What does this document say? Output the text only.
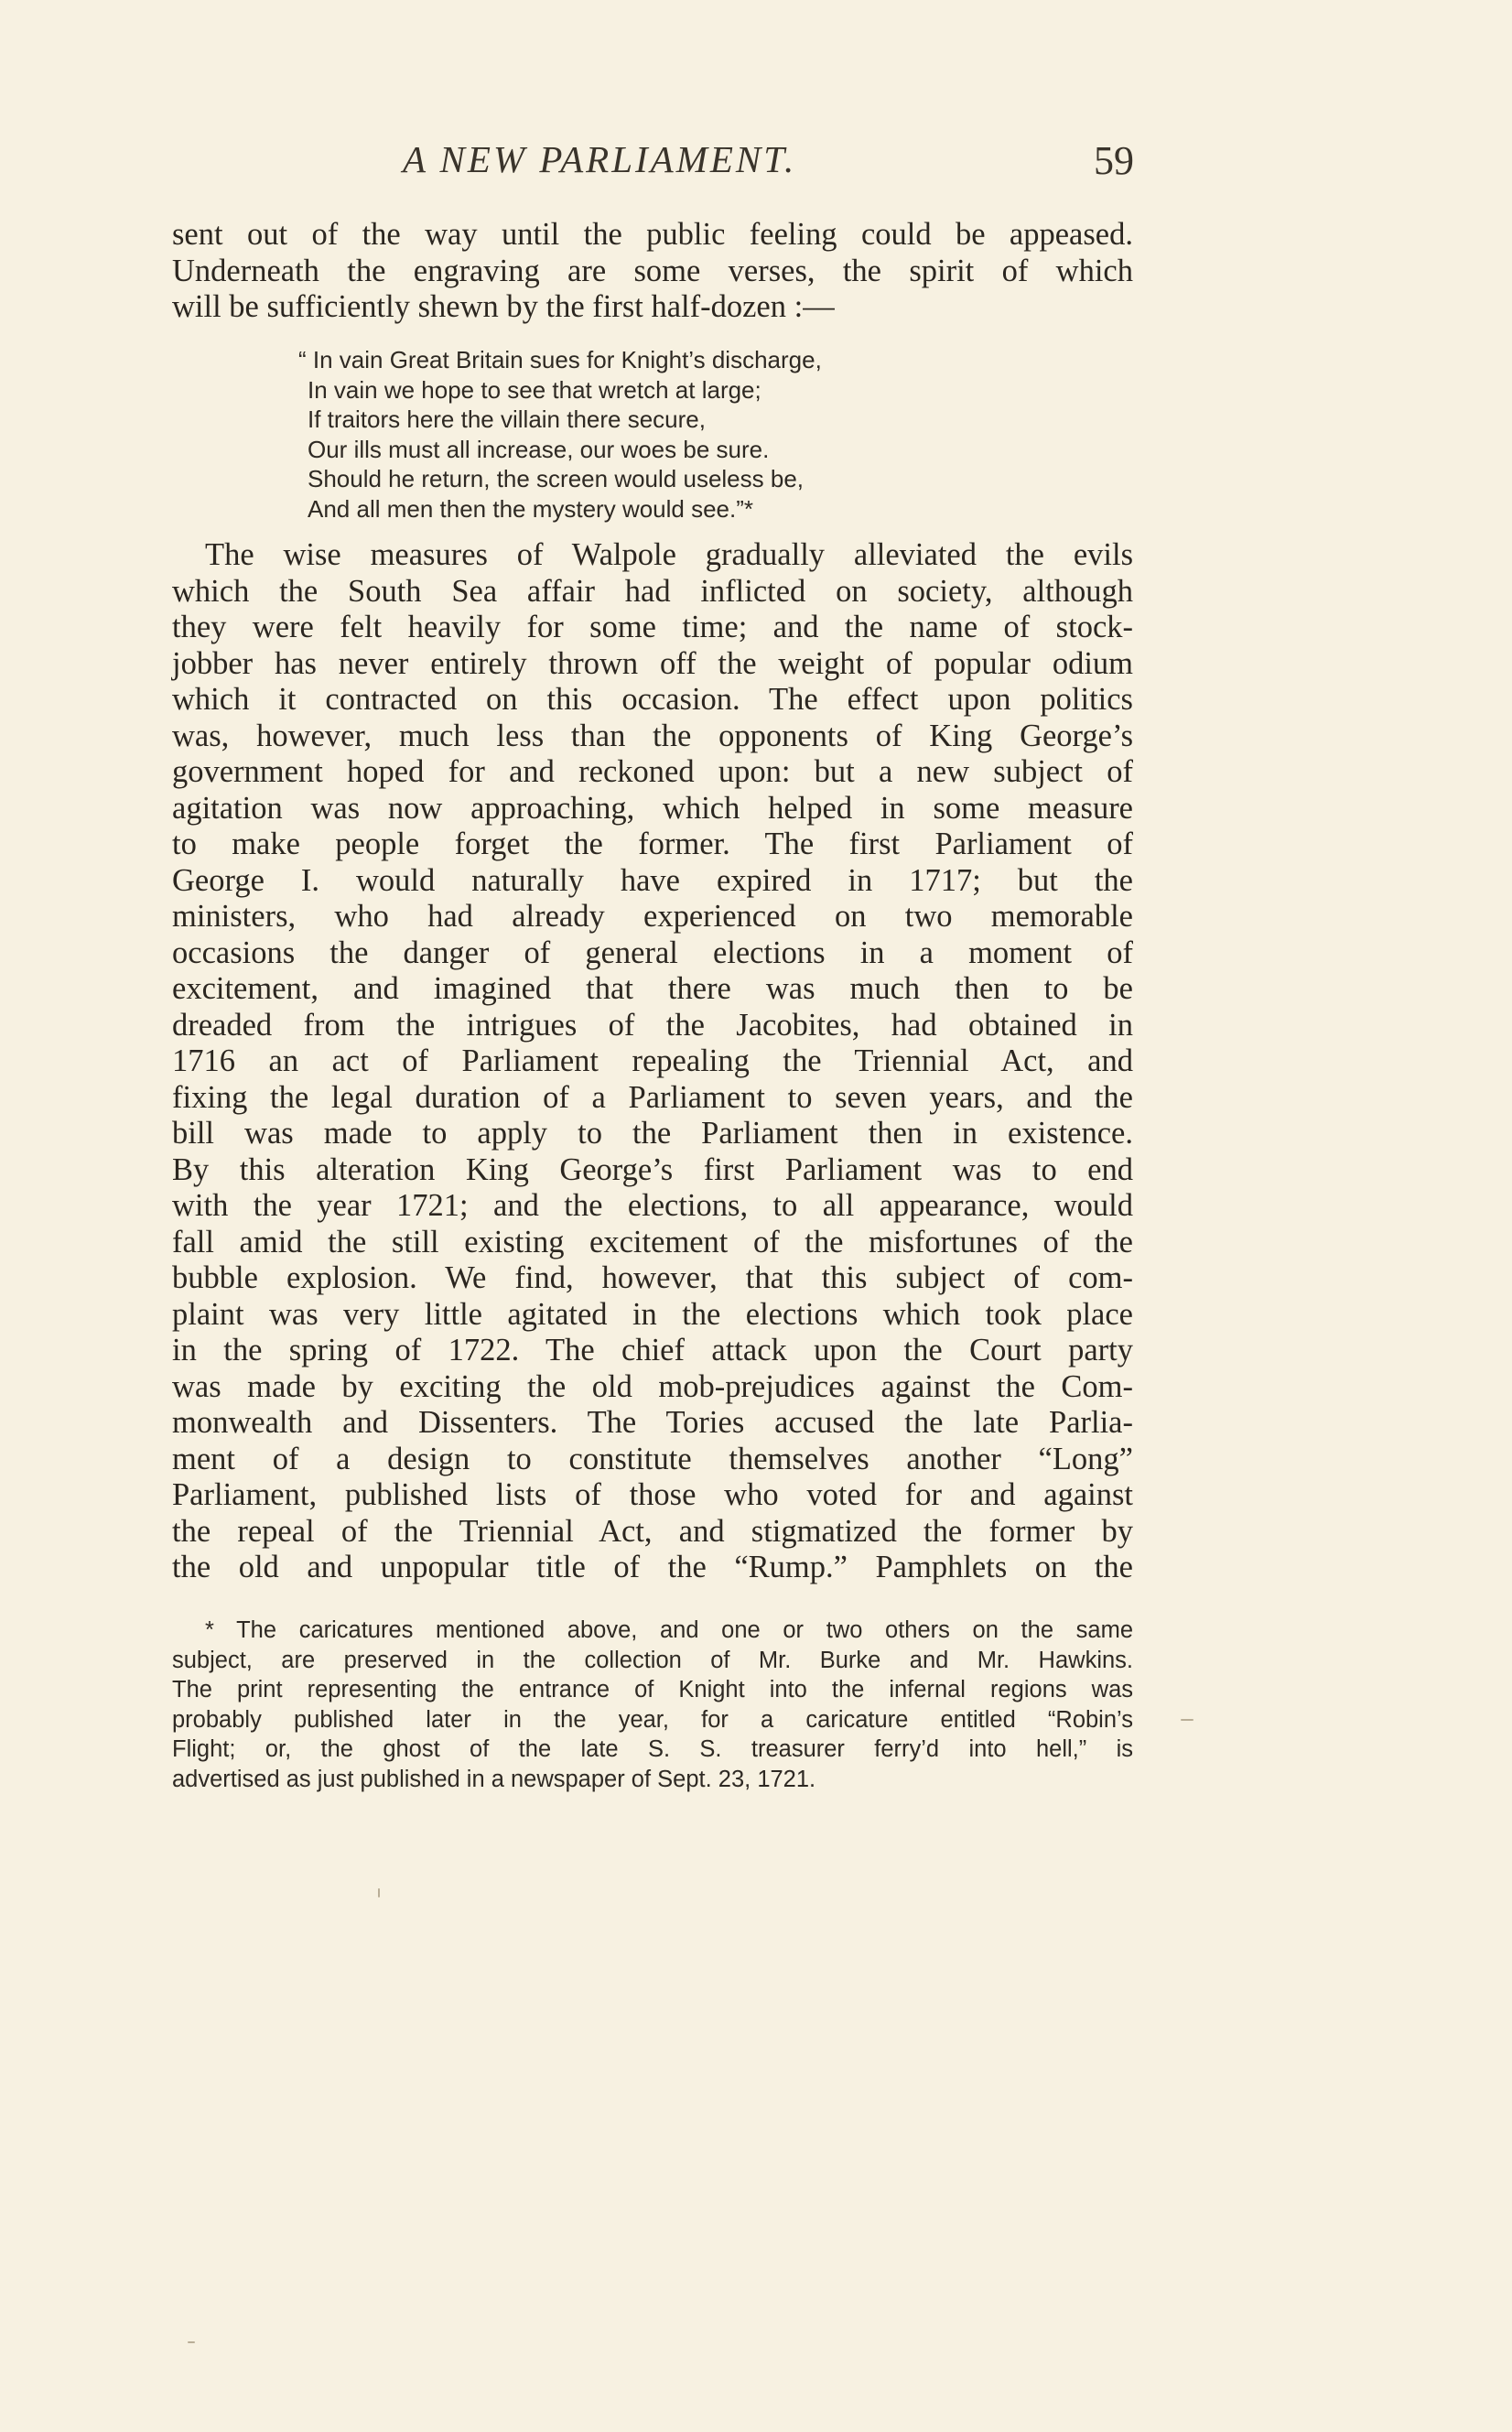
A NEW PARLIAMENT.	59
sent out of the way until the public feeling could be appeased.
Underneath the engraving are some verses, the spirit of which
will be sufficiently shewn by the first half-dozen :—
“ In vain Great Britain sues for Knight’s discharge,
In vain we hope to see that wretch at large;
If traitors here the villain there secure,
Our ills must all increase, our woes be sure.
Should he return, the screen would useless be,
And all men then the mystery would see.”*
The wise measures of Walpole gradually alleviated the evils
which the South Sea affair had inflicted on society, although
they were felt heavily for some time; and the name of stock-
jobber has never entirely thrown off the weight of popular odium
which it contracted on this occasion. The effect upon politics
was, however, much less than the opponents of King George’s
government hoped for and reckoned upon: but a new subject of
agitation was now approaching, which helped in some measure
to make people forget the former. The first Parliament of
George I. would naturally have expired in 1717; but the
ministers, who had already experienced on two memorable
occasions the danger of general elections in a moment of
excitement, and imagined that there was much then to be
dreaded from the intrigues of the Jacobites, had obtained in
1716 an act of Parliament repealing the Triennial Act, and
fixing the legal duration of a Parliament to seven years, and the
bill was made to apply to the Parliament then in existence.
By this alteration King George’s first Parliament was to end
with the year 1721; and the elections, to all appearance, would
fall amid the still existing excitement of the misfortunes of the
bubble explosion. We find, however, that this subject of com-
plaint was very little agitated in the elections which took place
in the spring of 1722. The chief attack upon the Court party
was made by exciting the old mob-prejudices against the Com-
monwealth and Dissenters. The Tories accused the late Parlia-
ment of a design to constitute themselves another “Long”
Parliament, published lists of those who voted for and against
the repeal of the Triennial Act, and stigmatized the former by
the old and unpopular title of the “Rump.” Pamphlets on the
* The caricatures mentioned above, and one or two others on the same
subject, are preserved in the collection of Mr. Burke and Mr. Hawkins.
The print representing the entrance of Knight into the infernal regions was
probably published later in the year, for a caricature entitled “Robin’s
Flight; or, the ghost of the late S. S. treasurer ferry’d into hell,” is
advertised as just published in a newspaper of Sept. 23, 1721.
